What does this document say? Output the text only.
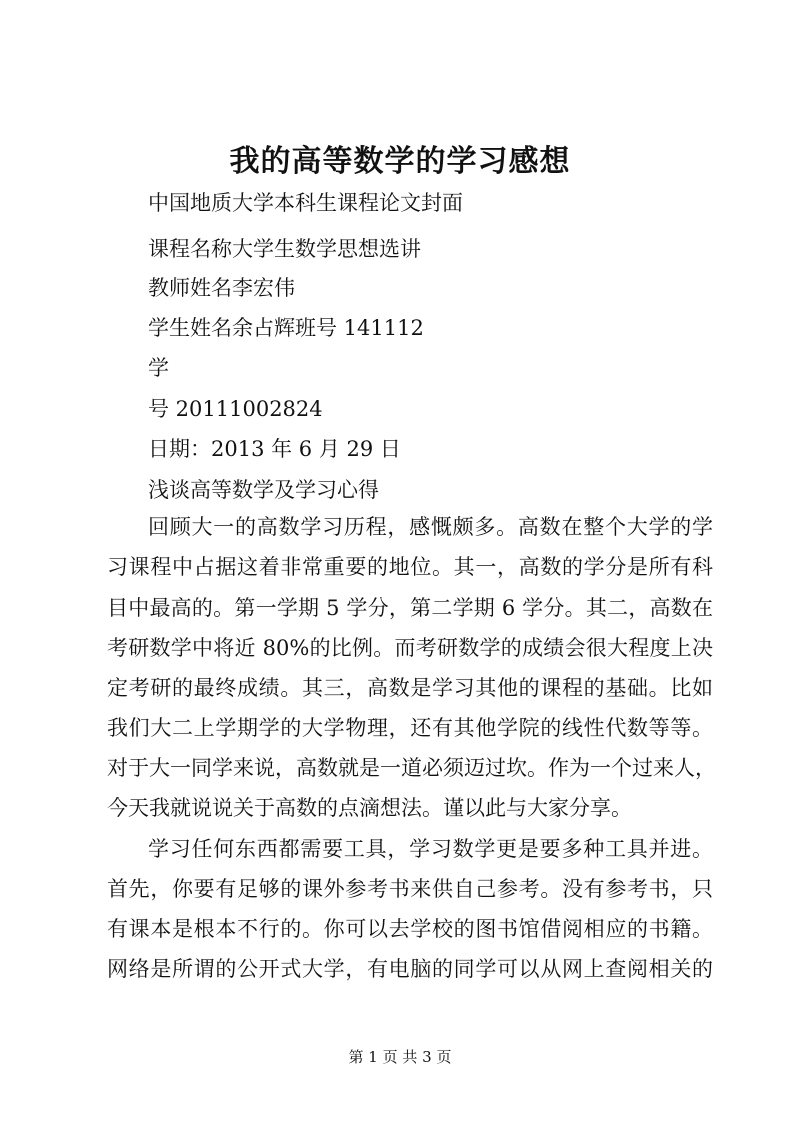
我的高等数学的学习感想
中国地质大学本科生课程论文封面
课程名称大学生数学思想选讲
教师姓名李宏伟
学生姓名余占辉班号 141112
学
号 20111002824
日期：2013 年 6 月 29 日
浅谈高等数学及学习心得
回顾大一的高数学习历程，感慨颇多。高数在整个大学的学
习课程中占据这着非常重要的地位。其一，高数的学分是所有科
目中最高的。第一学期 5 学分，第二学期 6 学分。其二，高数在
考研数学中将近 80%的比例。而考研数学的成绩会很大程度上决
定考研的最终成绩。其三，高数是学习其他的课程的基础。比如
我们大二上学期学的大学物理，还有其他学院的线性代数等等。
对于大一同学来说，高数就是一道必须迈过坎。作为一个过来人，
今天我就说说关于高数的点滴想法。谨以此与大家分享。
学习任何东西都需要工具，学习数学更是要多种工具并进。
首先，你要有足够的课外参考书来供自己参考。没有参考书，只
有课本是根本不行的。你可以去学校的图书馆借阅相应的书籍。
网络是所谓的公开式大学，有电脑的同学可以从网上查阅相关的
第 1 页 共 3 页
